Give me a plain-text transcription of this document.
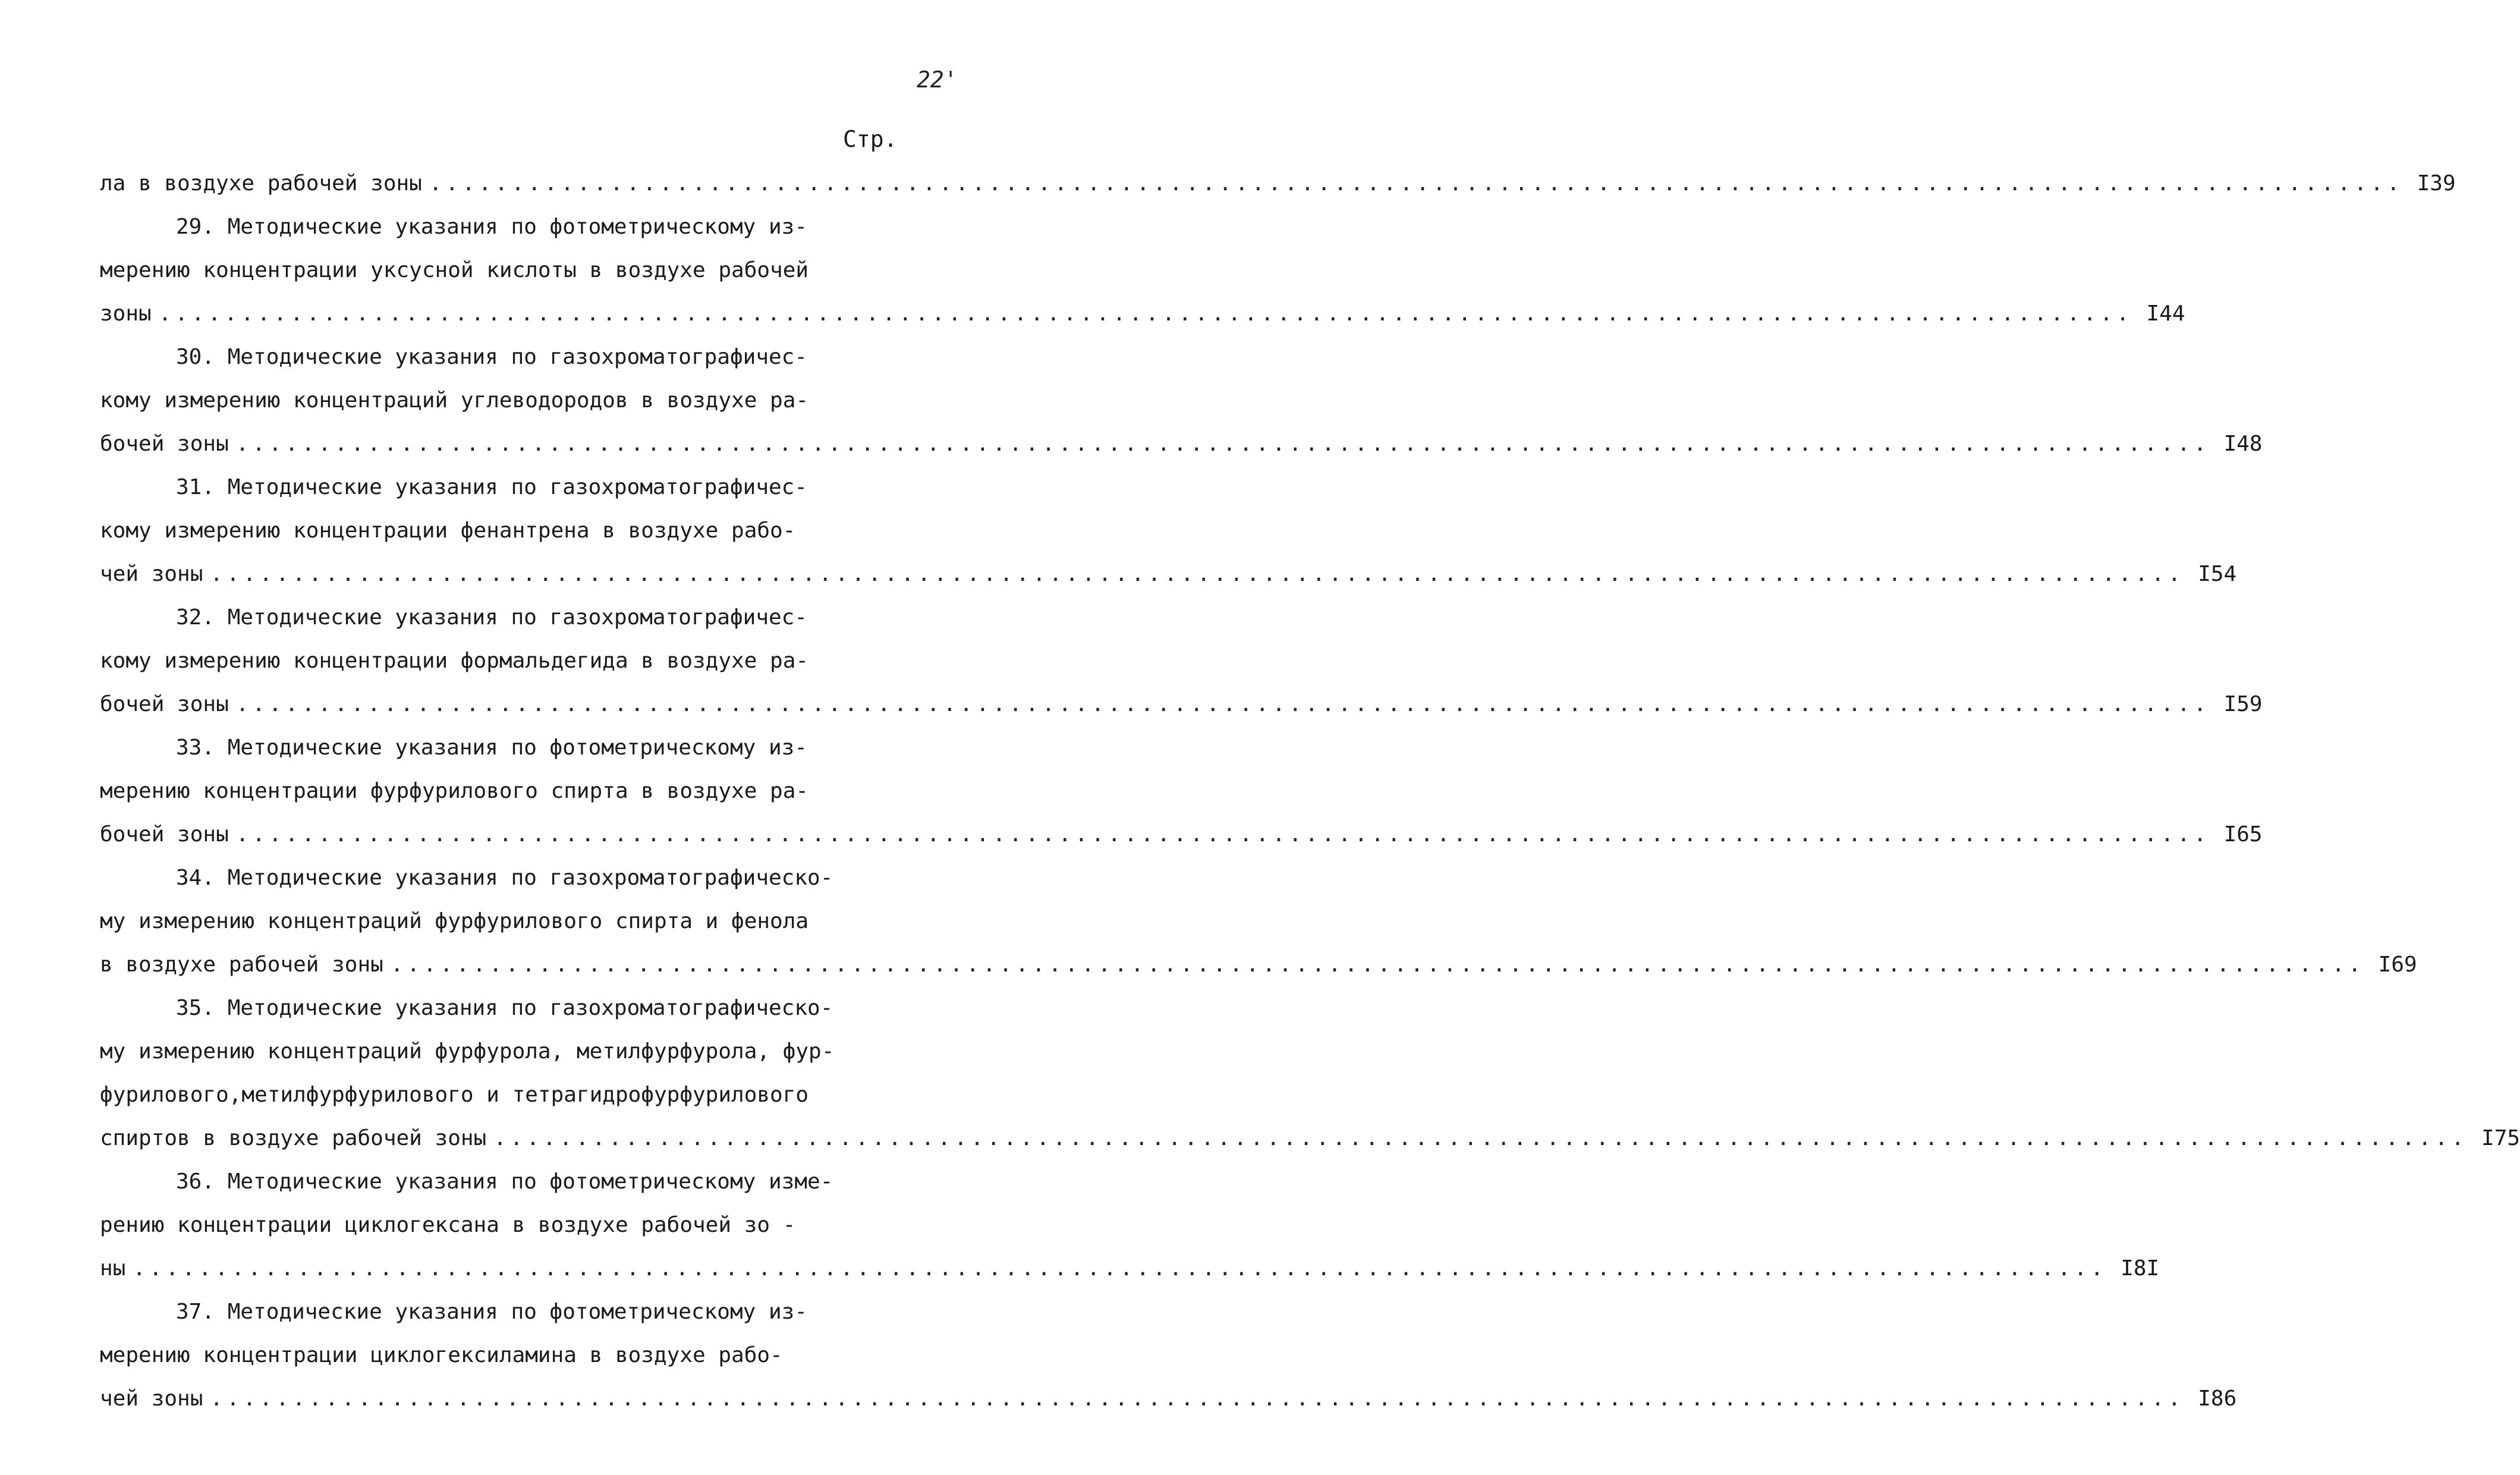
22'
Стр.
ла в воздухе рабочей зоны ........................................................................................................................ I39
29. Методические указания по фотометрическому из-
мерению концентрации уксусной кислоты в воздухе рабочей
зоны ........................................................................................................................ I44
30. Методические указания по газохроматографичес-
кому измерению концентраций углеводородов в воздухе ра-
бочей зоны ........................................................................................................................ I48
31. Методические указания по газохроматографичес-
кому измерению концентрации фенантрена в воздухе рабо-
чей зоны ........................................................................................................................ I54
32. Методические указания по газохроматографичес-
кому измерению концентрации формальдегида в воздухе ра-
бочей зоны ........................................................................................................................ I59
33. Методические указания по фотометрическому из-
мерению концентрации фурфурилового спирта в воздухе ра-
бочей зоны ........................................................................................................................ I65
34. Методические указания по газохроматографическо-
му измерению концентраций фурфурилового спирта и фенола
в воздухе рабочей зоны ........................................................................................................................ I69
35. Методические указания по газохроматографическо-
му измерению концентраций фурфурола, метилфурфурола, фур-
фурилового,метилфурфурилового и тетрагидрофурфурилового
спиртов в воздухе рабочей зоны ........................................................................................................................ I75
36. Методические указания по фотометрическому изме-
рению концентрации циклогексана в воздухе рабочей зо -
ны ........................................................................................................................ I8I
37. Методические указания по фотометрическому из-
мерению концентрации циклогексиламина в воздухе рабо-
чей зоны ........................................................................................................................ I86
